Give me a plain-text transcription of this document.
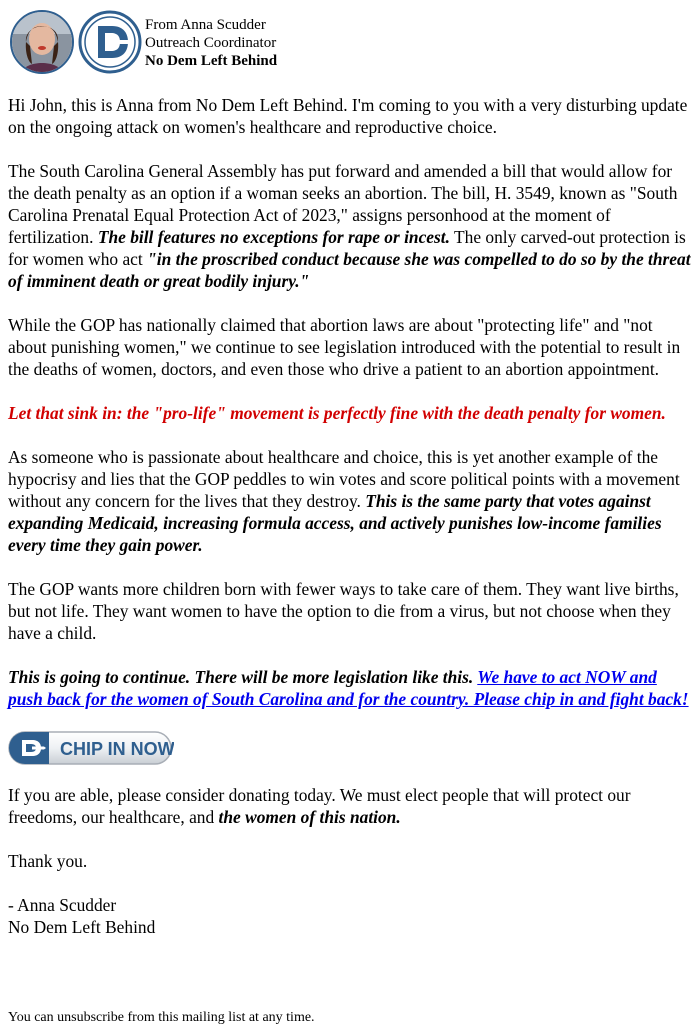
From Anna Scudder
Outreach Coordinator
No Dem Left Behind

Hi John, this is Anna from No Dem Left Behind. I'm coming to you with a very disturbing update on the ongoing attack on women's healthcare and reproductive choice.

The South Carolina General Assembly has put forward and amended a bill that would allow for the death penalty as an option if a woman seeks an abortion. The bill, H. 3549, known as "South Carolina Prenatal Equal Protection Act of 2023," assigns personhood at the moment of fertilization. The bill features no exceptions for rape or incest. The only carved-out protection is for women who act "in the proscribed conduct because she was compelled to do so by the threat of imminent death or great bodily injury."

While the GOP has nationally claimed that abortion laws are about "protecting life" and "not about punishing women," we continue to see legislation introduced with the potential to result in the deaths of women, doctors, and even those who drive a patient to an abortion appointment.

Let that sink in: the "pro-life" movement is perfectly fine with the death penalty for women.

As someone who is passionate about healthcare and choice, this is yet another example of the hypocrisy and lies that the GOP peddles to win votes and score political points with a movement without any concern for the lives that they destroy. This is the same party that votes against expanding Medicaid, increasing formula access, and actively punishes low-income families every time they gain power.

The GOP wants more children born with fewer ways to take care of them. They want live births, but not life. They want women to have the option to die from a virus, but not choose when they have a child.

This is going to continue. There will be more legislation like this. We have to act NOW and push back for the women of South Carolina and for the country. Please chip in and fight back!

CHIP IN NOW

If you are able, please consider donating today. We must elect people that will protect our freedoms, our healthcare, and the women of this nation.

Thank you.

- Anna Scudder

No Dem Left Behind

You can unsubscribe from this mailing list at any time.
